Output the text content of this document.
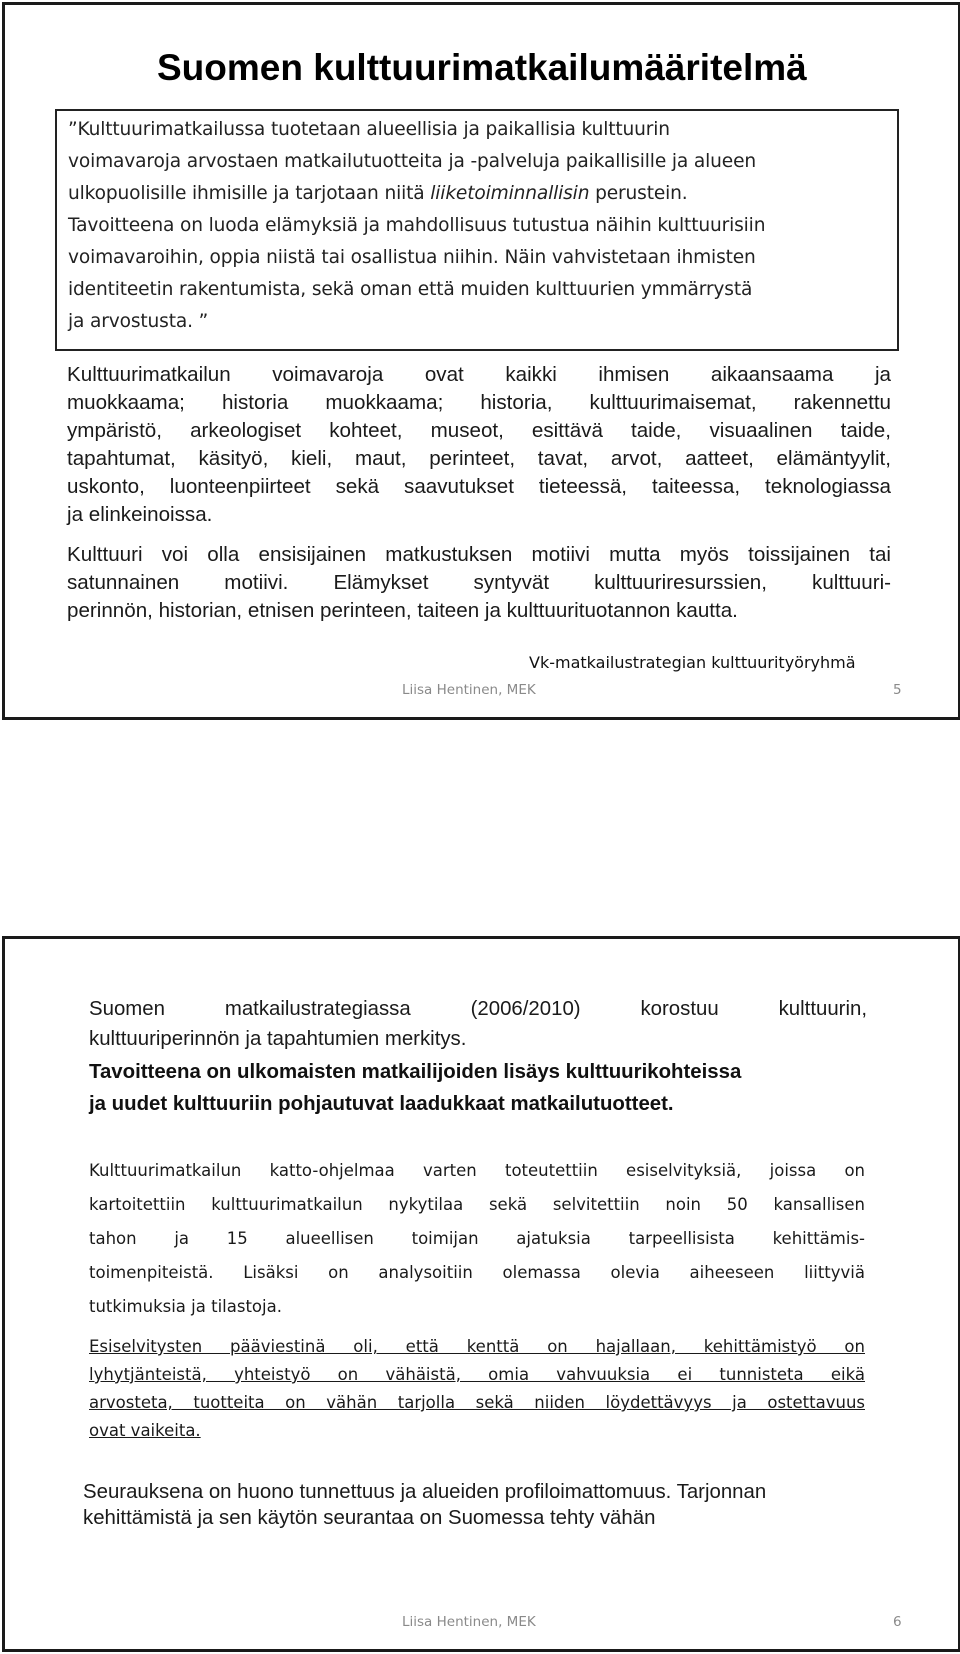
Suomen kulttuurimatkailumääritelmä
”Kulttuurimatkailussa tuotetaan alueellisia ja paikallisia kulttuurin
voimavaroja arvostaen matkailutuotteita ja -palveluja paikallisille ja alueen
ulkopuolisille ihmisille ja tarjotaan niitä liiketoiminnallisin perustein.
Tavoitteena on luoda elämyksiä ja mahdollisuus tutustua näihin kulttuurisiin
voimavaroihin, oppia niistä tai osallistua niihin. Näin vahvistetaan ihmisten
identiteetin rakentumista, sekä oman että muiden kulttuurien ymmärrystä
ja arvostusta. ”
Kulttuurimatkailun voimavaroja ovat kaikki ihmisen aikaansaama ja
muokkaama; historia muokkaama; historia, kulttuurimaisemat, rakennettu
ympäristö, arkeologiset kohteet, museot, esittävä taide, visuaalinen taide,
tapahtumat, käsityö, kieli, maut, perinteet, tavat, arvot, aatteet, elämäntyylit,
uskonto, luonteenpiirteet sekä saavutukset tieteessä, taiteessa, teknologiassa
ja elinkeinoissa.
Kulttuuri voi olla ensisijainen matkustuksen motiivi mutta myös toissijainen tai
satunnainen motiivi. Elämykset syntyvät kulttuuriresurssien, kulttuuri-
perinnön, historian, etnisen perinteen, taiteen ja kulttuurituotannon kautta.
Vk-matkailustrategian kulttuurityöryhmä
Liisa Hentinen, MEK	5
Suomen matkailustrategiassa (2006/2010) korostuu kulttuurin,
kulttuuriperinnön ja tapahtumien merkitys.
Tavoitteena on ulkomaisten matkailijoiden lisäys kulttuurikohteissa
ja uudet kulttuuriin pohjautuvat laadukkaat matkailutuotteet.
Kulttuurimatkailun katto-ohjelmaa varten toteutettiin esiselvityksiä, joissa on
kartoitettiin kulttuurimatkailun nykytilaa sekä selvitettiin noin 50 kansallisen
tahon ja 15 alueellisen toimijan ajatuksia tarpeellisista kehittämis-
toimenpiteistä. Lisäksi on analysoitiin olemassa olevia aiheeseen liittyviä
tutkimuksia ja tilastoja.
Esiselvitysten päävi​estinä oli, että kenttä on hajallaan, kehittämistyö on
lyhytjänteistä, yhteistyö on vähäistä, omia vahvuuksia ei tunnisteta eikä
arvosteta, tuotteita on vähän tarjolla sekä niiden löydettävyys ja ostettavuus
ovat vaikeita.
Seurauksena on huono tunnettuus ja alueiden profiloimattomuus. Tarjonnan
kehittämistä ja sen käytön seurantaa on Suomessa tehty vähän
Liisa Hentinen, MEK	6
